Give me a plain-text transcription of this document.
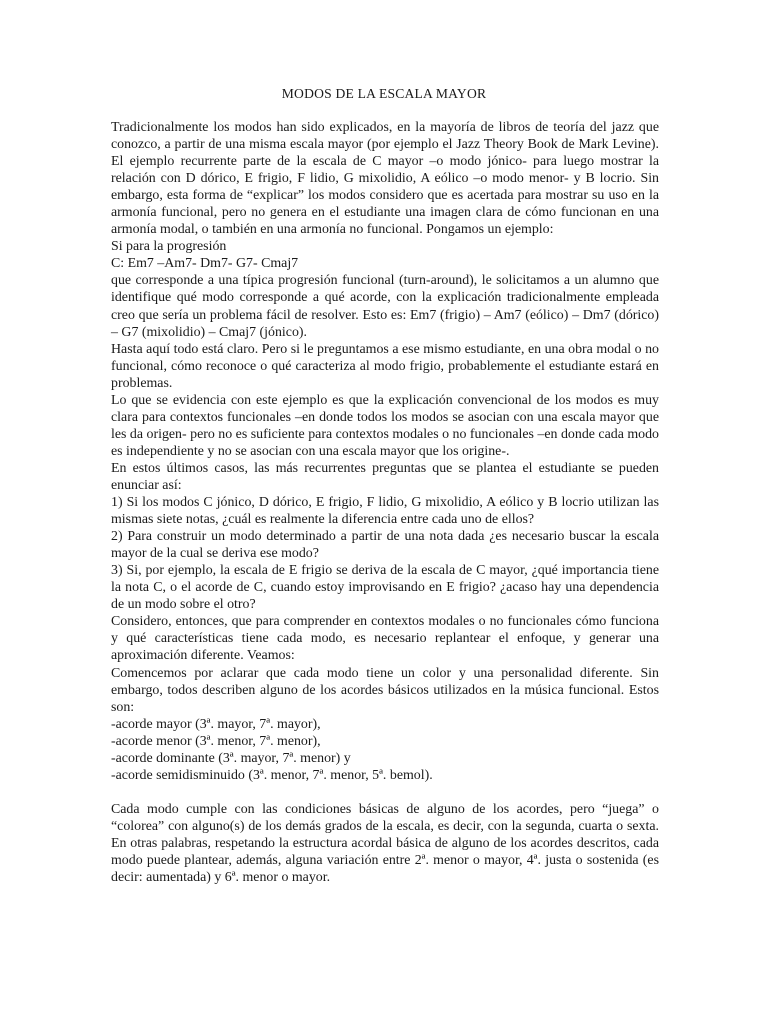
MODOS DE LA ESCALA MAYOR

Tradicionalmente los modos han sido explicados, en la mayoría de libros de teoría del jazz que conozco, a partir de una misma escala mayor (por ejemplo el Jazz Theory Book de Mark Levine). El ejemplo recurrente parte de la escala de C mayor –o modo jónico- para luego mostrar la relación con D dórico, E frigio, F lidio, G mixolidio, A eólico –o modo menor- y B locrio. Sin embargo, esta forma de “explicar” los modos considero que es acertada para mostrar su uso en la armonía funcional, pero no genera en el estudiante una imagen clara de cómo funcionan en una armonía modal, o también en una armonía no funcional. Pongamos un ejemplo:

Si para la progresión

C: Em7 –Am7- Dm7- G7- Cmaj7

que corresponde a una típica progresión funcional (turn-around), le solicitamos a un alumno que identifique qué modo corresponde a qué acorde, con la explicación tradicionalmente empleada creo que sería un problema fácil de resolver. Esto es: Em7 (frigio) – Am7 (eólico) – Dm7 (dórico) – G7 (mixolidio) – Cmaj7 (jónico).

Hasta aquí todo está claro. Pero si le preguntamos a ese mismo estudiante, en una obra modal o no funcional, cómo reconoce o qué caracteriza al modo frigio, probablemente el estudiante estará en problemas.

Lo que se evidencia con este ejemplo es que la explicación convencional de los modos es muy clara para contextos funcionales –en donde todos los modos se asocian con una escala mayor que les da origen- pero no es suficiente para contextos modales o no funcionales –en donde cada modo es independiente y no se asocian con una escala mayor que los origine-.

En estos últimos casos, las más recurrentes preguntas que se plantea el estudiante se pueden enunciar así:

1) Si los modos C jónico, D dórico, E frigio, F lidio, G mixolidio, A eólico y B locrio utilizan las mismas siete notas, ¿cuál es realmente la diferencia entre cada uno de ellos?

2) Para construir un modo determinado a partir de una nota dada ¿es necesario buscar la escala mayor de la cual se deriva ese modo?

3) Si, por ejemplo, la escala de E frigio se deriva de la escala de C mayor, ¿qué importancia tiene la nota C, o el acorde de C, cuando estoy improvisando en E frigio? ¿acaso hay una dependencia de un modo sobre el otro?

Considero, entonces, que para comprender en contextos modales o no funcionales cómo funciona y qué características tiene cada modo, es necesario replantear el enfoque, y generar una aproximación diferente. Veamos:

Comencemos por aclarar que cada modo tiene un color y una personalidad diferente. Sin embargo, todos describen alguno de los acordes básicos utilizados en la música funcional. Estos son:

-acorde mayor (3ª. mayor, 7ª. mayor),

-acorde menor (3ª. menor, 7ª. menor),

-acorde dominante (3ª. mayor, 7ª. menor) y

-acorde semidisminuido (3ª. menor, 7ª. menor, 5ª. bemol).

Cada modo cumple con las condiciones básicas de alguno de los acordes, pero “juega” o “colorea” con alguno(s) de los demás grados de la escala, es decir, con la segunda, cuarta o sexta. En otras palabras, respetando la estructura acordal básica de alguno de los acordes descritos, cada modo puede plantear, además, alguna variación entre 2ª. menor o mayor, 4ª. justa o sostenida (es decir: aumentada) y 6ª. menor o mayor.
